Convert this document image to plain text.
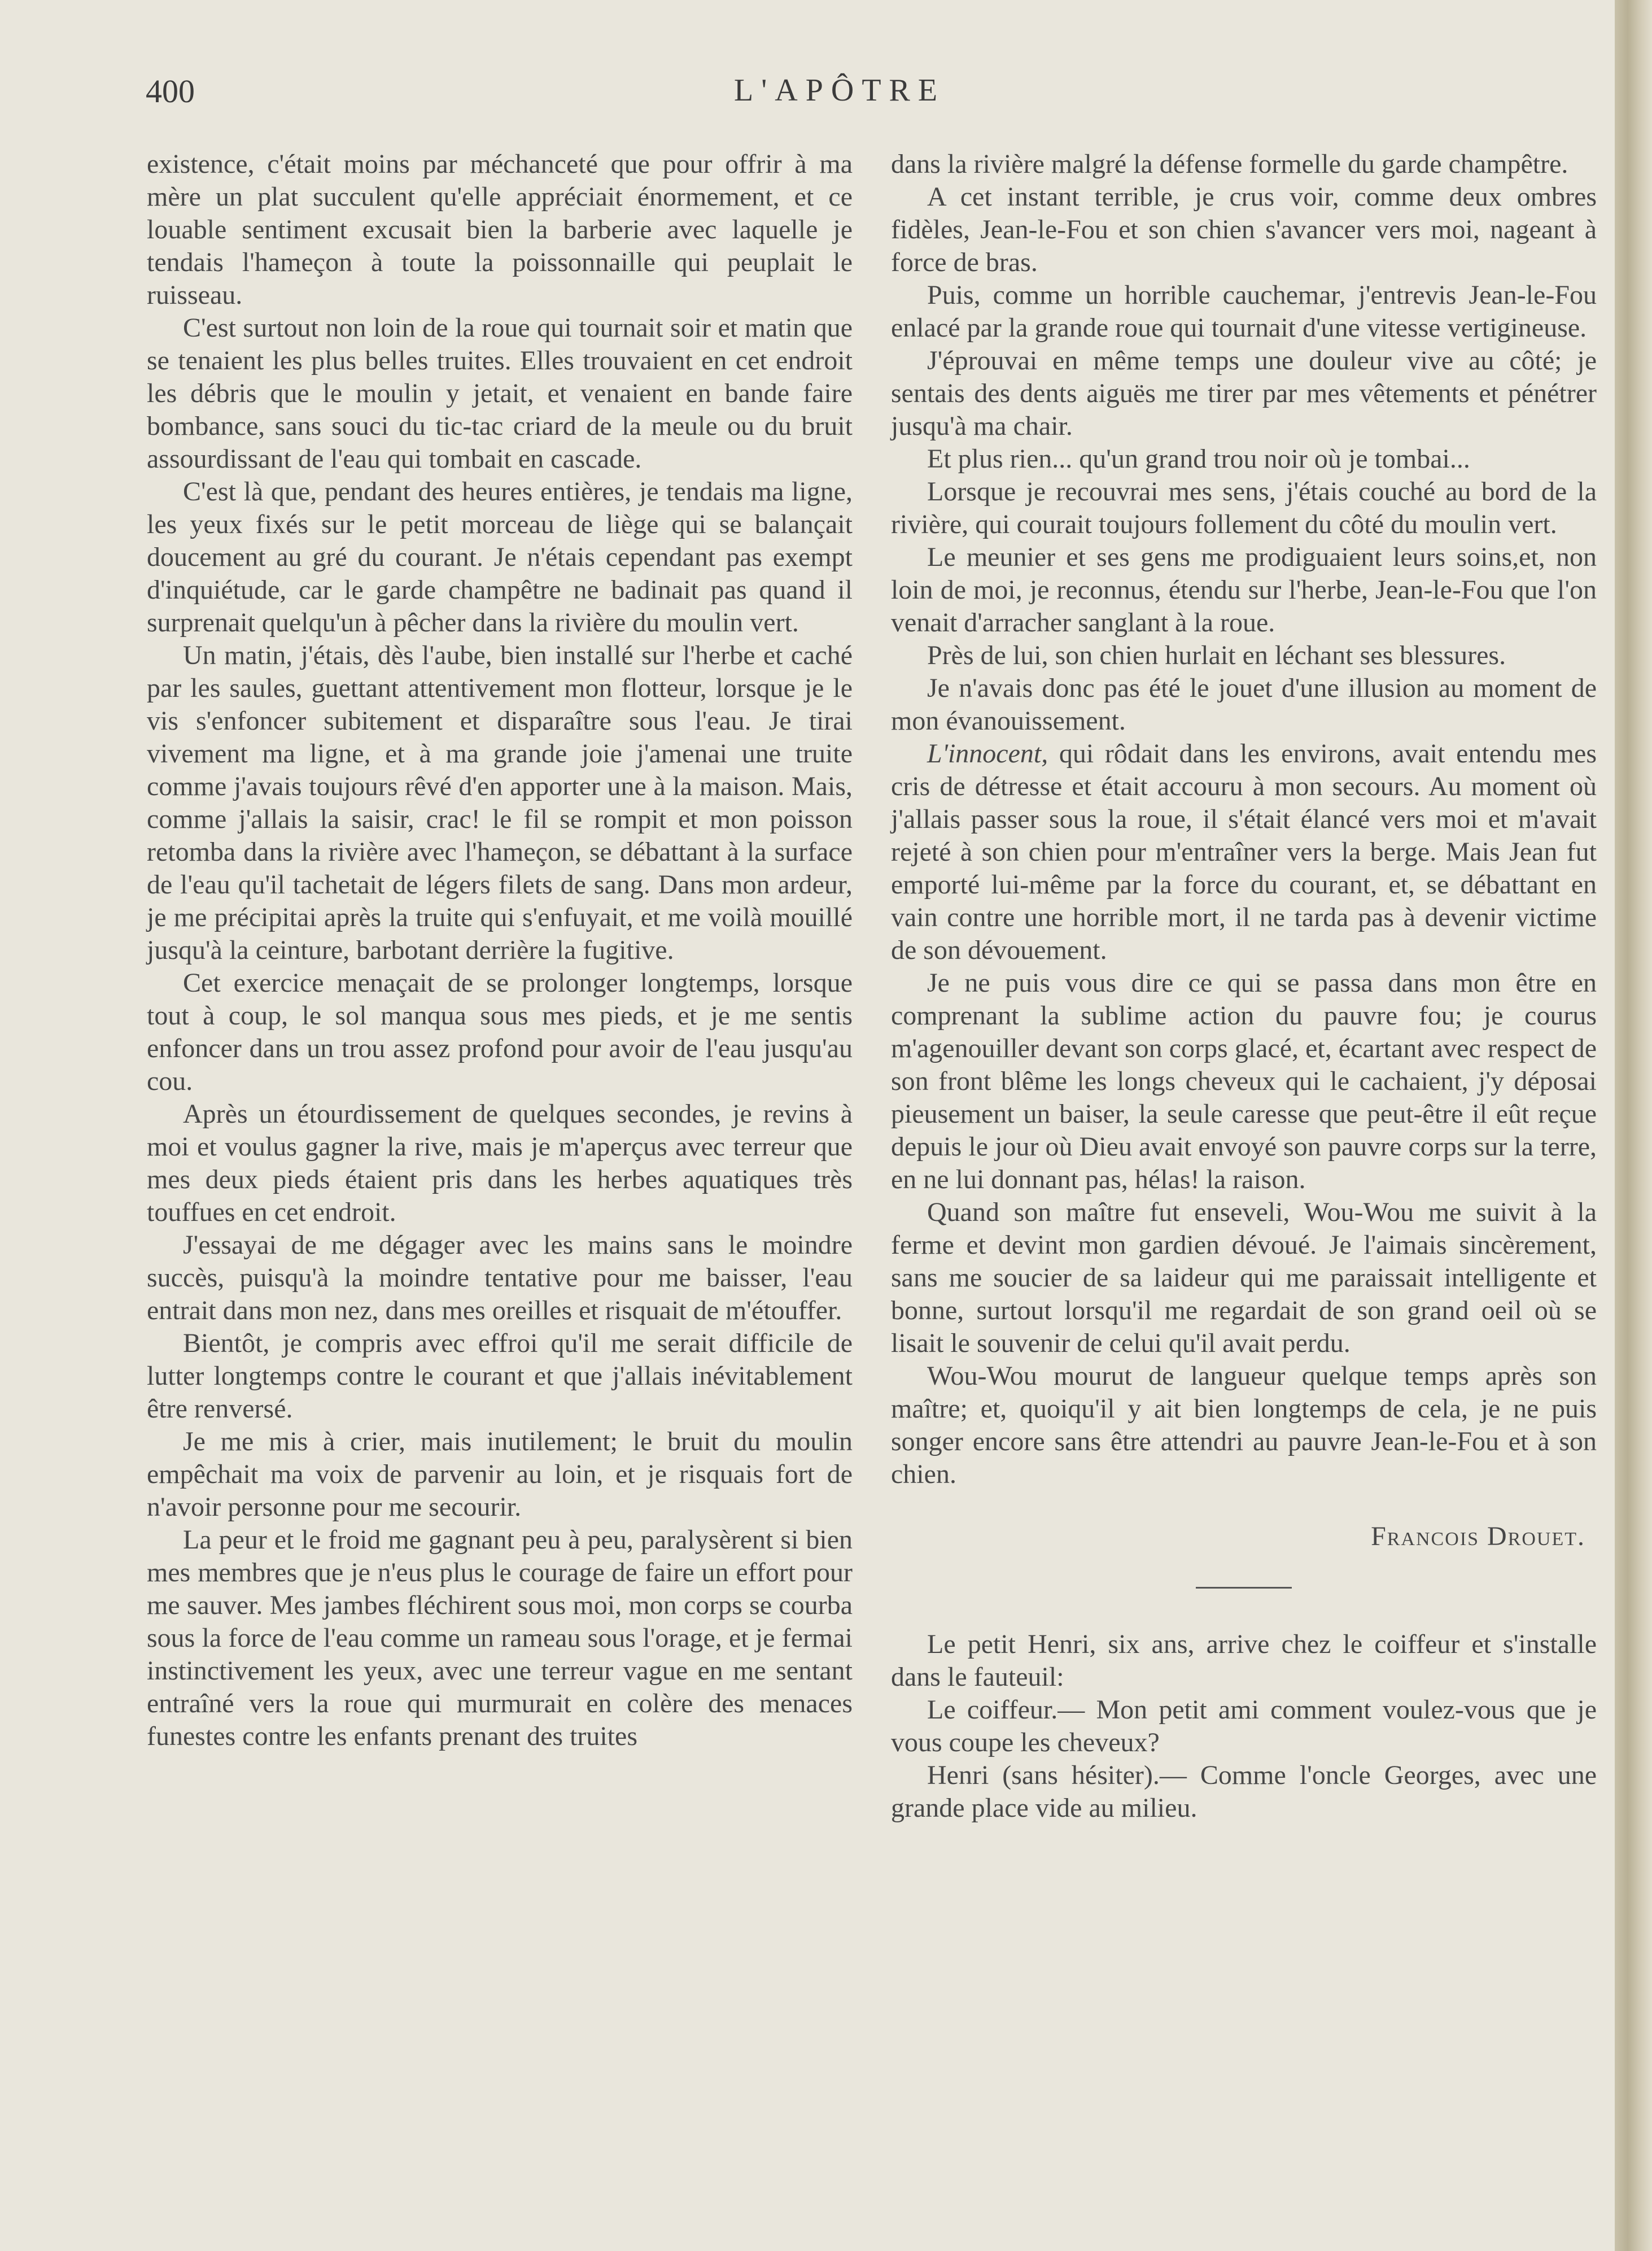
400	L'APÔTRE

existence, c'était moins par méchanceté que pour offrir à ma mère un plat succulent qu'elle appréciait énormement, et ce louable sentiment excusait bien la barberie avec laquelle je tendais l'hameçon à toute la poissonnaille qui peuplait le ruisseau.

C'est surtout non loin de la roue qui tournait soir et matin que se tenaient les plus belles truites. Elles trouvaient en cet endroit les débris que le moulin y jetait, et venaient en bande faire bombance, sans souci du tic-tac criard de la meule ou du bruit assourdissant de l'eau qui tombait en cascade.

C'est là que, pendant des heures entières, je tendais ma ligne, les yeux fixés sur le petit morceau de liège qui se balançait doucement au gré du courant. Je n'étais cependant pas exempt d'inquiétude, car le garde champêtre ne badinait pas quand il surprenait quelqu'un à pêcher dans la rivière du moulin vert.

Un matin, j'étais, dès l'aube, bien installé sur l'herbe et caché par les saules, guettant attentivement mon flotteur, lorsque je le vis s'enfoncer subitement et disparaître sous l'eau. Je tirai vivement ma ligne, et à ma grande joie j'amenai une truite comme j'avais toujours rêvé d'en apporter une à la maison. Mais, comme j'allais la saisir, crac! le fil se rompit et mon poisson retomba dans la rivière avec l'hameçon, se débattant à la surface de l'eau qu'il tachetait de légers filets de sang. Dans mon ardeur, je me précipitai après la truite qui s'enfuyait, et me voilà mouillé jusqu'à la ceinture, barbotant derrière la fugitive.

Cet exercice menaçait de se prolonger longtemps, lorsque tout à coup, le sol manqua sous mes pieds, et je me sentis enfoncer dans un trou assez profond pour avoir de l'eau jusqu'au cou.

Après un étourdissement de quelques secondes, je revins à moi et voulus gagner la rive, mais je m'aperçus avec terreur que mes deux pieds étaient pris dans les herbes aquatiques très touffues en cet endroit.

J'essayai de me dégager avec les mains sans le moindre succès, puisqu'à la moindre tentative pour me baisser, l'eau entrait dans mon nez, dans mes oreilles et risquait de m'étouffer.

Bientôt, je compris avec effroi qu'il me serait difficile de lutter longtemps contre le courant et que j'allais inévitablement être renversé.

Je me mis à crier, mais inutilement; le bruit du moulin empêchait ma voix de parvenir au loin, et je risquais fort de n'avoir personne pour me secourir.

La peur et le froid me gagnant peu à peu, paralysèrent si bien mes membres que je n'eus plus le courage de faire un effort pour me sauver. Mes jambes fléchirent sous moi, mon corps se courba sous la force de l'eau comme un rameau sous l'orage, et je fermai instinctivement les yeux, avec une terreur vague en me sentant entraîné vers la roue qui murmurait en colère des menaces funestes contre les enfants prenant des truites

dans la rivière malgré la défense formelle du garde champêtre.

A cet instant terrible, je crus voir, comme deux ombres fidèles, Jean-le-Fou et son chien s'avancer vers moi, nageant à force de bras.

Puis, comme un horrible cauchemar, j'entrevis Jean-le-Fou enlacé par la grande roue qui tournait d'une vitesse vertigineuse.

J'éprouvai en même temps une douleur vive au côté; je sentais des dents aiguës me tirer par mes vêtements et pénétrer jusqu'à ma chair.

Et plus rien... qu'un grand trou noir où je tombai...

Lorsque je recouvrai mes sens, j'étais couché au bord de la rivière, qui courait toujours follement du côté du moulin vert.

Le meunier et ses gens me prodiguaient leurs soins,et, non loin de moi, je reconnus, étendu sur l'herbe, Jean-le-Fou que l'on venait d'arracher sanglant à la roue.

Près de lui, son chien hurlait en léchant ses blessures.

Je n'avais donc pas été le jouet d'une illusion au moment de mon évanouissement.

L'innocent, qui rôdait dans les environs, avait entendu mes cris de détresse et était accouru à mon secours. Au moment où j'allais passer sous la roue, il s'était élancé vers moi et m'avait rejeté à son chien pour m'entraîner vers la berge. Mais Jean fut emporté lui-même par la force du courant, et, se débattant en vain contre une horrible mort, il ne tarda pas à devenir victime de son dévouement.

Je ne puis vous dire ce qui se passa dans mon être en comprenant la sublime action du pauvre fou; je courus m'agenouiller devant son corps glacé, et, écartant avec respect de son front blême les longs cheveux qui le cachaient, j'y déposai pieusement un baiser, la seule caresse que peut-être il eût reçue depuis le jour où Dieu avait envoyé son pauvre corps sur la terre, en ne lui donnant pas, hélas! la raison.

Quand son maître fut enseveli, Wou-Wou me suivit à la ferme et devint mon gardien dévoué. Je l'aimais sincèrement, sans me soucier de sa laideur qui me paraissait intelligente et bonne, surtout lorsqu'il me regardait de son grand oeil où se lisait le souvenir de celui qu'il avait perdu.

Wou-Wou mourut de langueur quelque temps après son maître; et, quoiqu'il y ait bien longtemps de cela, je ne puis songer encore sans être attendri au pauvre Jean-le-Fou et à son chien.

Francois Drouet.

Le petit Henri, six ans, arrive chez le coiffeur et s'installe dans le fauteuil:

Le coiffeur.— Mon petit ami comment voulez-vous que je vous coupe les cheveux?

Henri (sans hésiter).— Comme l'oncle Georges, avec une grande place vide au milieu.
